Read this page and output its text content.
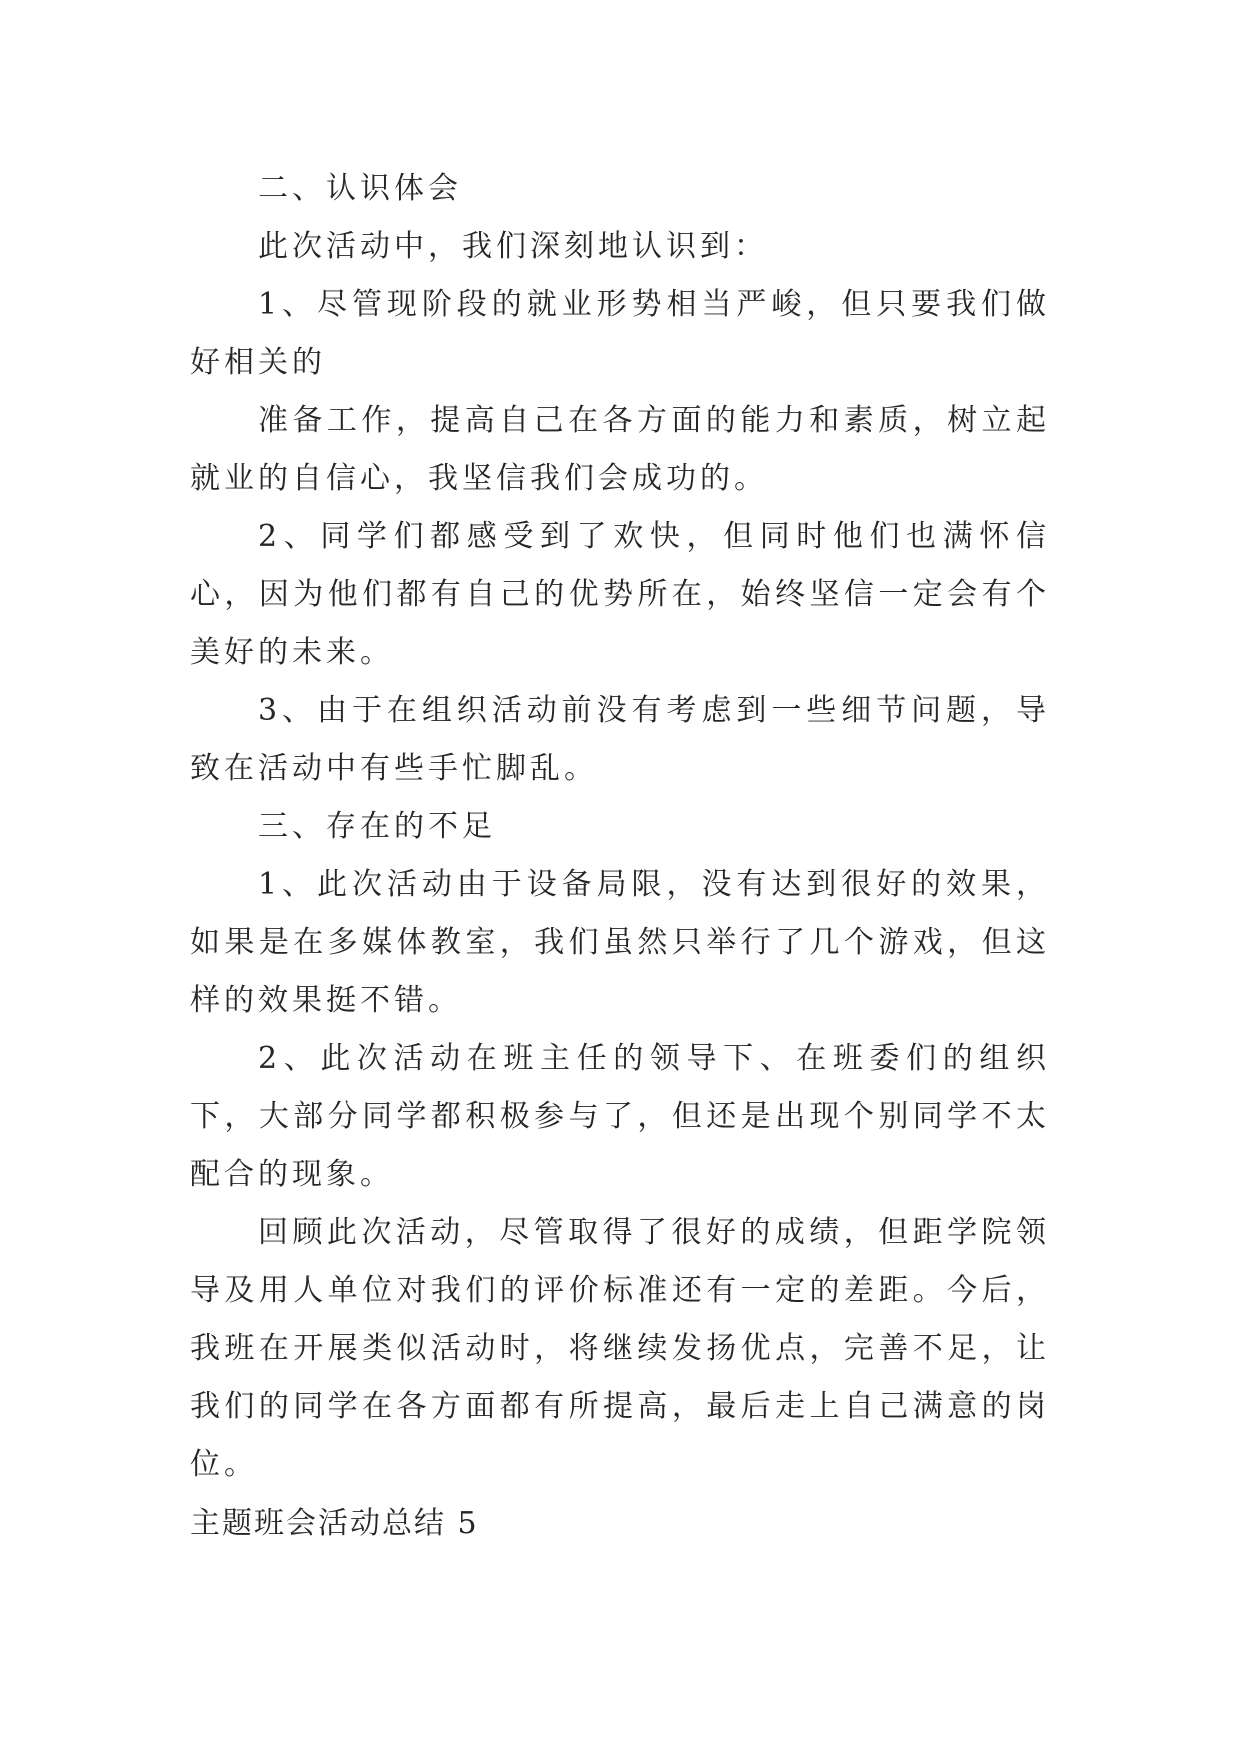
二、认识体会

此次活动中，我们深刻地认识到：

1、尽管现阶段的就业形势相当严峻，但只要我们做好相关的

准备工作，提高自己在各方面的能力和素质，树立起就业的自信心，我坚信我们会成功的。

2、同学们都感受到了欢快，但同时他们也满怀信心，因为他们都有自己的优势所在，始终坚信一定会有个美好的未来。

3、由于在组织活动前没有考虑到一些细节问题，导致在活动中有些手忙脚乱。

三、存在的不足

1、此次活动由于设备局限，没有达到很好的效果，如果是在多媒体教室，我们虽然只举行了几个游戏，但这样的效果挺不错。

2、此次活动在班主任的领导下、在班委们的组织下，大部分同学都积极参与了，但还是出现个别同学不太配合的现象。

回顾此次活动，尽管取得了很好的成绩，但距学院领导及用人单位对我们的评价标准还有一定的差距。今后，我班在开展类似活动时，将继续发扬优点，完善不足，让我们的同学在各方面都有所提高，最后走上自己满意的岗位。

主题班会活动总结 5
